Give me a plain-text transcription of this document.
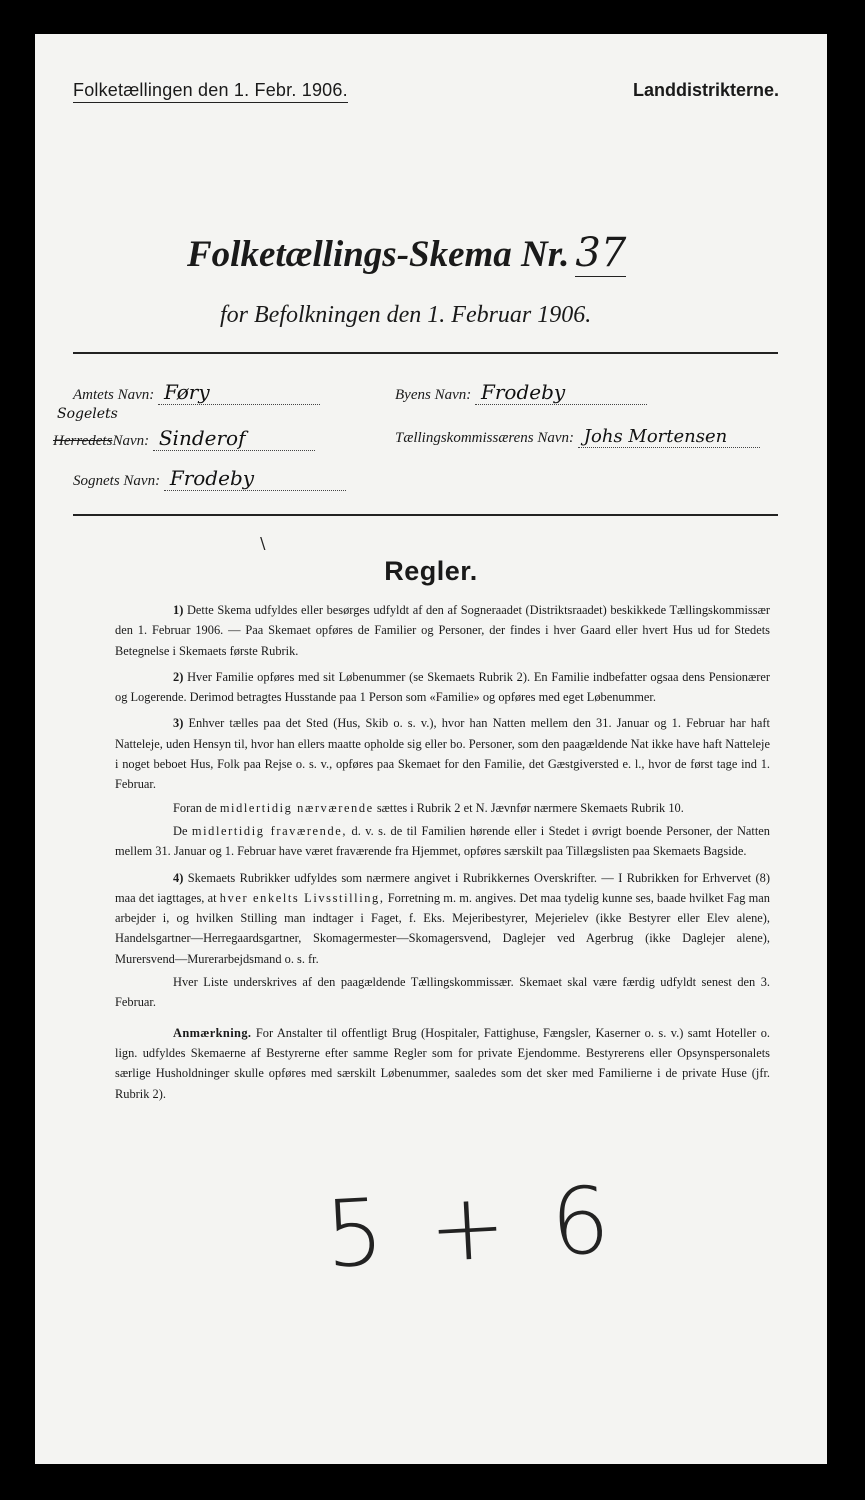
Folketællingen den 1. Febr. 1906.	Landdistrikterne.
Folketællings-Skema Nr. 37
for Befolkningen den 1. Februar 1906.
Amtets Navn: Føry	Byens Navn: Frodeby
Sogelets
HerredetsNavn: Sinderof	Tællingskommissærens Navn: Johs Mortensen
Sognets Navn: Frodeby
∖
Regler.

1) Dette Skema udfyldes eller besørges udfyldt af den af Sogneraadet (Distriktsraadet) beskikkede Tællingskommissær den 1. Februar 1906. — Paa Skemaet opføres de Familier og Personer, der findes i hver Gaard eller hvert Hus ud for Stedets Betegnelse i Skemaets første Rubrik.

2) Hver Familie opføres med sit Løbenummer (se Skemaets Rubrik 2). En Familie indbefatter ogsaa dens Pensionærer og Logerende. Derimod betragtes Husstande paa 1 Person som «Familie» og opføres med eget Løbenummer.

3) Enhver tælles paa det Sted (Hus, Skib o. s. v.), hvor han Natten mellem den 31. Januar og 1. Februar har haft Natteleje, uden Hensyn til, hvor han ellers maatte opholde sig eller bo. Personer, som den paagældende Nat ikke have haft Natteleje i noget beboet Hus, Folk paa Rejse o. s. v., opføres paa Skemaet for den Familie, det Gæstgiversted e. l., hvor de først tage ind 1. Februar.

Foran de midlertidig nærværende sættes i Rubrik 2 et N. Jævnfør nærmere Skemaets Rubrik 10.

De midlertidig fraværende, d. v. s. de til Familien hørende eller i Stedet i øvrigt boende Personer, der Natten mellem 31. Januar og 1. Februar have været fraværende fra Hjemmet, opføres særskilt paa Tillægslisten paa Skemaets Bagside.

4) Skemaets Rubrikker udfyldes som nærmere angivet i Rubrikkernes Overskrifter. — I Rubrikken for Erhvervet (8) maa det iagttages, at hver enkelts Livsstilling, Forretning m. m. angives. Det maa tydelig kunne ses, baade hvilket Fag man arbejder i, og hvilken Stilling man indtager i Faget, f. Eks. Mejeribestyrer, Mejerielev (ikke Bestyrer eller Elev alene), Handelsgartner—Herregaardsgartner, Skomagermester—Skomagersvend, Daglejer ved Agerbrug (ikke Daglejer alene), Murersvend—Murerarbejdsmand o. s. fr.

Hver Liste underskrives af den paagældende Tællingskommissær. Skemaet skal være færdig udfyldt senest den 3. Februar.

Anmærkning. For Anstalter til offentligt Brug (Hospitaler, Fattighuse, Fængsler, Kaserner o. s. v.) samt Hoteller o. lign. udfyldes Skemaerne af Bestyrerne efter samme Regler som for private Ejendomme. Bestyrerens eller Opsynspersonalets særlige Husholdninger skulle opføres med særskilt Løbenummer, saaledes som det sker med Familierne i de private Huse (jfr. Rubrik 2).

5 + 6
